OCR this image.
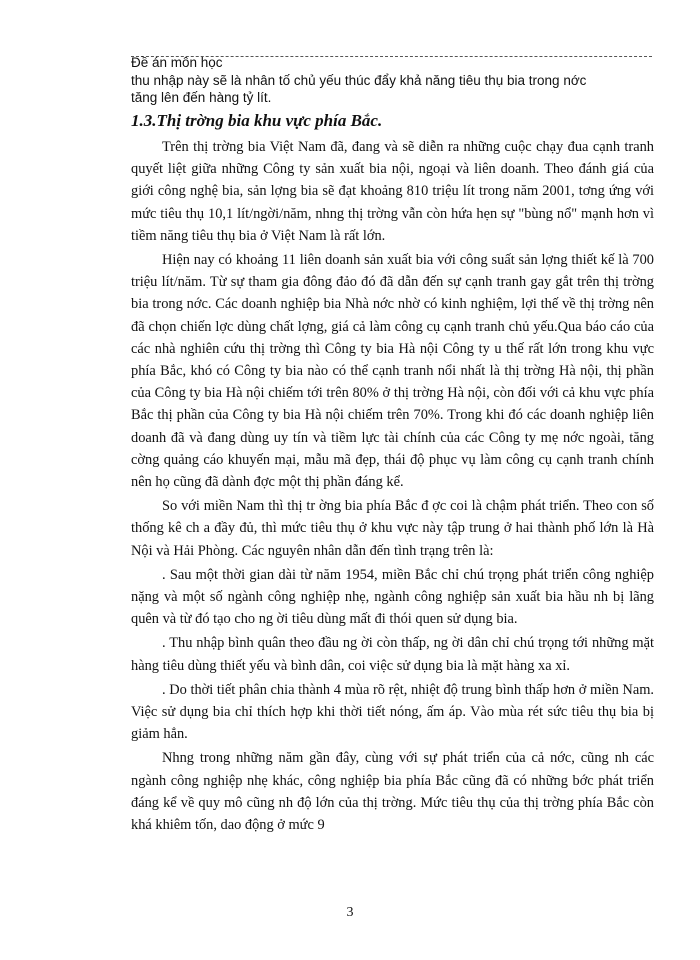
Đề án môn học
thu nhập này sẽ là nhân tố chủ yếu thúc đẩy khả năng tiêu thụ bia trong nớc
tăng lên đến hàng tỷ lít.
1.3.Thị trờng bia khu vực phía Bắc.

Trên thị trờng bia Việt Nam đã, đang và sẽ diễn ra những cuộc chạy đua cạnh tranh quyết liệt giữa những Công ty sản xuất bia nội, ngoại và liên doanh. Theo đánh giá của giới công nghệ bia, sản lợng bia sẽ đạt khoảng 810 triệu lít trong năm 2001, tơng ứng với mức tiêu thụ 10,1 lít/ngời/năm, nhng thị trờng vẫn còn hứa hẹn sự "bùng nổ" mạnh hơn vì tiềm năng tiêu thụ bia ở Việt Nam là rất lớn.

Hiện nay có khoảng 11 liên doanh sản xuất bia với công suất sản lợng thiết kế là 700 triệu lít/năm. Từ sự tham gia đông đảo đó đã dẫn đến sự cạnh tranh gay gắt trên thị trờng bia trong nớc. Các doanh nghiệp bia Nhà nớc nhờ có kinh nghiệm, lợi thế về thị trờng nên đã chọn chiến lợc dùng chất lợng, giá cả làm công cụ cạnh tranh chủ yếu.Qua báo cáo của các nhà nghiên cứu thị trờng thì Công ty bia Hà nội Công ty u thế rất lớn trong khu vực phía Bắc, khó có Công ty bia nào có thể cạnh tranh nổi nhất là thị trờng Hà nội, thị phần của Công ty bia Hà nội chiếm tới trên 80% ở thị trờng Hà nội, còn đối với cả khu vực phía Bắc thị phần của Công ty bia Hà nội chiếm trên 70%. Trong khi đó các doanh nghiệp liên doanh đã và đang dùng uy tín và tiềm lực tài chính của các Công ty mẹ nớc ngoài, tăng cờng quảng cáo khuyến mại, mẫu mã đẹp, thái độ phục vụ làm công cụ cạnh tranh chính nên họ cũng đã dành đợc một thị phần đáng kể.

So với miền Nam thì thị tr ờng bia phía Bắc đ ợc coi là chậm phát triển. Theo con số thống kê ch a đầy đủ, thì mức tiêu thụ ở khu vực này tập trung ở hai thành phố lớn là Hà Nội và Hải Phòng. Các nguyên nhân dẫn đến tình trạng trên là:

. Sau một thời gian dài từ năm 1954, miền Bắc chỉ chú trọng phát triển công nghiệp nặng và một số ngành công nghiệp nhẹ, ngành công nghiệp sản xuất bia hầu nh bị lãng quên và từ đó tạo cho ng ời tiêu dùng mất đi thói quen sử dụng bia.

. Thu nhập bình quân theo đầu ng ời còn thấp, ng ời dân chỉ chú trọng tới những mặt hàng tiêu dùng thiết yếu và bình dân, coi việc sử dụng bia là mặt hàng xa xỉ.

. Do thời tiết phân chia thành 4 mùa rõ rệt, nhiệt độ trung bình thấp hơn ở miền Nam. Việc sử dụng bia chỉ thích hợp khi thời tiết nóng, ấm áp. Vào mùa rét sức tiêu thụ bia bị giảm hẳn.

Nhng trong những năm gần đây, cùng với sự phát triển của cả nớc, cũng nh các ngành công nghiệp nhẹ khác, công nghiệp bia phía Bắc cũng đã có những bớc phát triển đáng kể về quy mô cũng nh độ lớn của thị trờng. Mức tiêu thụ của thị trờng phía Bắc còn khá khiêm tốn, dao động ở mức 9

3
